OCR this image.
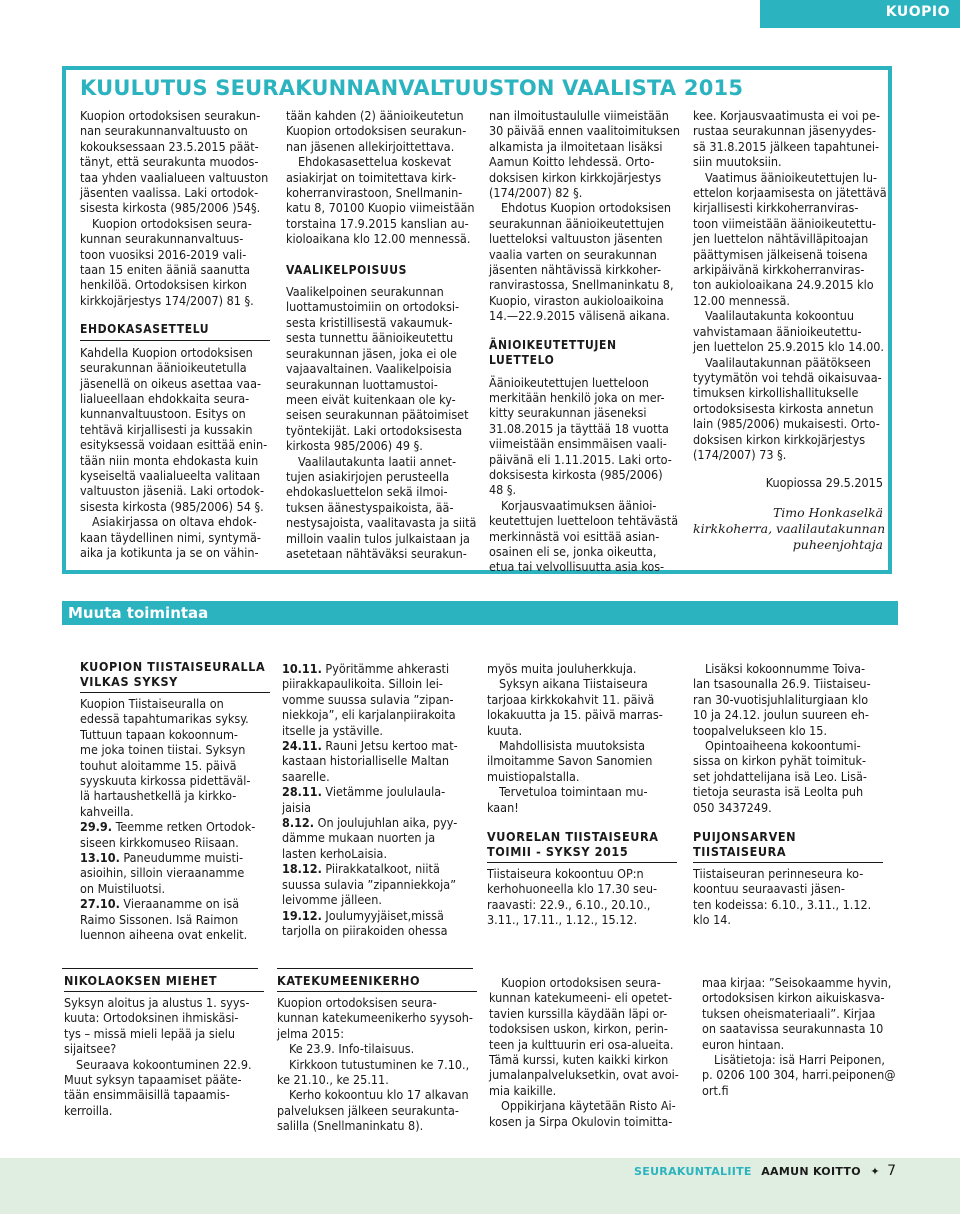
KUOPIO
KUULUTUS SEURAKUNNANVALTUUSTON VAALISTA 2015

Kuopion ortodoksisen seurakun-

nan seurakunnanvaltuusto on

kokouksessaan 23.5.2015 päät-

tänyt, että seurakunta muodos-

taa yhden vaalialueen valtuuston

jäsenten vaalissa. Laki ortodok-

sisesta kirkosta (985/2006 )54§.

Kuopion ortodoksisen seura-

kunnan seurakunnanvaltuus-

toon vuosiksi 2016-2019 vali-

taan 15 eniten ääniä saanutta

henkilöä. Ortodoksisen kirkon

kirkkojärjestys 174/2007) 81 §.

EHDOKASASETTELU

Kahdella Kuopion ortodoksisen

seurakunnan äänioikeutetulla

jäsenellä on oikeus asettaa vaa-

lialueellaan ehdokkaita seura-

kunnanvaltuustoon. Esitys on

tehtävä kirjallisesti ja kussakin

esityksessä voidaan esittää enin-

tään niin monta ehdokasta kuin

kyseiseltä vaalialueelta valitaan

valtuuston jäseniä. Laki ortodok-

sisesta kirkosta (985/2006) 54 §.

Asiakirjassa on oltava ehdok-

kaan täydellinen nimi, syntymä-

aika ja kotikunta ja se on vähin-

tään kahden (2) äänioikeutetun

Kuopion ortodoksisen seurakun-

nan jäsenen allekirjoittettava.

Ehdokasasettelua koskevat

asiakirjat on toimitettava kirk-

koherranvirastoon, Snellmanin-

katu 8, 70100 Kuopio viimeistään

torstaina 17.9.2015 kanslian au-

kioloaikana klo 12.00 mennessä.

VAALIKELPOISUUS

Vaalikelpoinen seurakunnan

luottamustoimiin on ortodoksi-

sesta kristillisestä vakaumuk-

sesta tunnettu äänioikeutettu

seurakunnan jäsen, joka ei ole

vajaavaltainen. Vaalikelpoisia

seurakunnan luottamustoi-

meen eivät kuitenkaan ole ky-

seisen seurakunnan päätoimiset

työntekijät. Laki ortodoksisesta

kirkosta 985/2006) 49 §.

Vaalilautakunta laatii annet-

tujen asiakirjojen perusteella

ehdokasluettelon sekä ilmoi-

tuksen äänestyspaikoista, ää-

nestysajoista, vaalitavasta ja siitä

milloin vaalin tulos julkaistaan ja

asetetaan nähtäväksi seurakun-

nan ilmoitustaululle viimeistään

30 päivää ennen vaalitoimituksen

alkamista ja ilmoitetaan lisäksi

Aamun Koitto lehdessä. Orto-

doksisen kirkon kirkkojärjestys

(174/2007) 82 §.

Ehdotus Kuopion ortodoksisen

seurakunnan äänioikeutettujen

luetteloksi valtuuston jäsenten

vaalia varten on seurakunnan

jäsenten nähtävissä kirkkoher-

ranvirastossa, Snellmaninkatu 8,

Kuopio, viraston aukioloaikoina

14.—22.9.2015 välisenä aikana.

ÄNIOIKEUTETTUJEN LUETTELO

Äänioikeutettujen luetteloon

merkitään henkilö joka on mer-

kitty seurakunnan jäseneksi

31.08.2015 ja täyttää 18 vuotta

viimeistään ensimmäisen vaali-

päivänä eli 1.11.2015. Laki orto-

doksisesta kirkosta (985/2006)

48 §.

Korjausvaatimuksen äänioi-

keutettujen luetteloon tehtävästä

merkinnästä voi esittää asian-

osainen eli se, jonka oikeutta,

etua tai velvollisuutta asia kos-

kee. Korjausvaatimusta ei voi pe-

rustaa seurakunnan jäsenyydes-

sä 31.8.2015 jälkeen tapahtunei-

siin muutoksiin.

Vaatimus äänioikeutettujen lu-

ettelon korjaamisesta on jätettävä

kirjallisesti kirkkoherranviras-

toon viimeistään äänioikeutettu-

jen luettelon nähtävilläpitoajan

päättymisen jälkeisenä toisena

arkipäivänä kirkkoherranviras-

ton aukioloaikana 24.9.2015 klo

12.00 mennessä.

Vaalilautakunta kokoontuu

vahvistamaan äänioikeutettu-

jen luettelon 25.9.2015 klo 14.00.

Vaalilautakunnan päätökseen

tyytymätön voi tehdä oikaisuvaa-

timuksen kirkollishallitukselle

ortodoksisesta kirkosta annetun

lain (985/2006) mukaisesti. Orto-

doksisen kirkon kirkkojärjestys

(174/2007) 73 §.

Kuopiossa 29.5.2015

Timo Honkaselkä

kirkkoherra, vaalilautakunnan

puheenjohtaja

Muuta toimintaa
KUOPION TIISTAISEURALLA
VILKAS SYKSY

Kuopion Tiistaiseuralla on

edessä tapahtumarikas syksy.

Tuttuun tapaan kokoonnum-

me joka toinen tiistai. Syksyn

touhut aloitamme 15. päivä

syyskuuta kirkossa pidettäväl-

lä hartaushetkellä ja kirkko-

kahveilla.

29.9. Teemme retken Ortodok-

siseen kirkkomuseo Riisaan.

13.10. Paneudumme muisti-

asioihin, silloin vieraanamme

on Muistiluotsi.

27.10. Vieraanamme on isä

Raimo Sissonen. Isä Raimon

luennon aiheena ovat enkelit.

10.11. Pyöritämme ahkerasti

piirakkapaulikoita. Silloin lei-

vomme suussa sulavia ”zipan-

niekkoja”, eli karjalanpiirakoita

itselle ja ystäville.

24.11. Rauni Jetsu kertoo mat-

kastaan historialliselle Maltan

saarelle.

28.11. Vietämme joululaula-

jaisia

8.12. On joulujuhlan aika, pyy-

dämme mukaan nuorten ja

lasten kerhoLaisia.

18.12. Piirakkatalkoot, niitä

suussa sulavia ”zipanniekkoja”

leivomme jälleen.

19.12. Joulumyyjäiset,missä

tarjolla on piirakoiden ohessa

myös muita jouluherkkuja.

Syksyn aikana Tiistaiseura

tarjoaa kirkkokahvit 11. päivä

lokakuutta ja 15. päivä marras-

kuuta.

Mahdollisista muutoksista

ilmoitamme Savon Sanomien

muistiopalstalla.

Tervetuloa toimintaan mu-

kaan!

VUORELAN TIISTAISEURA
TOIMII - SYKSY 2015

Tiistaiseura kokoontuu OP:n

kerhohuoneella klo 17.30 seu-

raavasti: 22.9., 6.10., 20.10.,

3.11., 17.11., 1.12., 15.12.

Lisäksi kokoonnumme Toiva-

lan tsasounalla 26.9. Tiistaiseu-

ran 30-vuotisjuhlaliturgiaan klo

10 ja 24.12. joulun suureen eh-

toopalvelukseen klo 15.

Opintoaiheena kokoontumi-

sissa on kirkon pyhät toimituk-

set johdattelijana isä Leo. Lisä-

tietoja seurasta isä Leolta puh

050 3437249.

PUIJONSARVEN
TIISTAISEURA

Tiistaiseuran perinneseura ko-

koontuu seuraavasti jäsen-

ten kodeissa: 6.10., 3.11., 1.12.

klo 14.

NIKOLAOKSEN MIEHET

Syksyn aloitus ja alustus 1. syys-

kuuta: Ortodoksinen ihmiskäsi-

tys – missä mieli lepää ja sielu

sijaitsee?

Seuraava kokoontuminen 22.9.

Muut syksyn tapaamiset pääte-

tään ensimmäisillä tapaamis-

kerroilla.

KATEKUMEENIKERHO

Kuopion ortodoksisen seura-

kunnan katekumeenikerho syysoh-

jelma 2015:

Ke 23.9. Info-tilaisuus.

Kirkkoon tutustuminen ke 7.10.,

ke 21.10., ke 25.11.

Kerho kokoontuu klo 17 alkavan

palveluksen jälkeen seurakunta-

salilla (Snellmaninkatu 8).

Kuopion ortodoksisen seura-

kunnan katekumeeni- eli opetet-

tavien kurssilla käydään läpi or-

todoksisen uskon, kirkon, perin-

teen ja kulttuurin eri osa-alueita.

Tämä kurssi, kuten kaikki kirkon

jumalanpalveluksetkin, ovat avoi-

mia kaikille.

Oppikirjana käytetään Risto Ai-

kosen ja Sirpa Okulovin toimitta-

maa kirjaa: ”Seisokaamme hyvin,

ortodoksisen kirkon aikuiskasva-

tuksen oheismateriaali”. Kirjaa

on saatavissa seurakunnasta 10

euron hintaan.

Lisätietoja: isä Harri Peiponen,

p. 0206 100 304, harri.peiponen@

ort.fi

SEURAKUNTALIITE AAMUN KOITTO ✦ 7
